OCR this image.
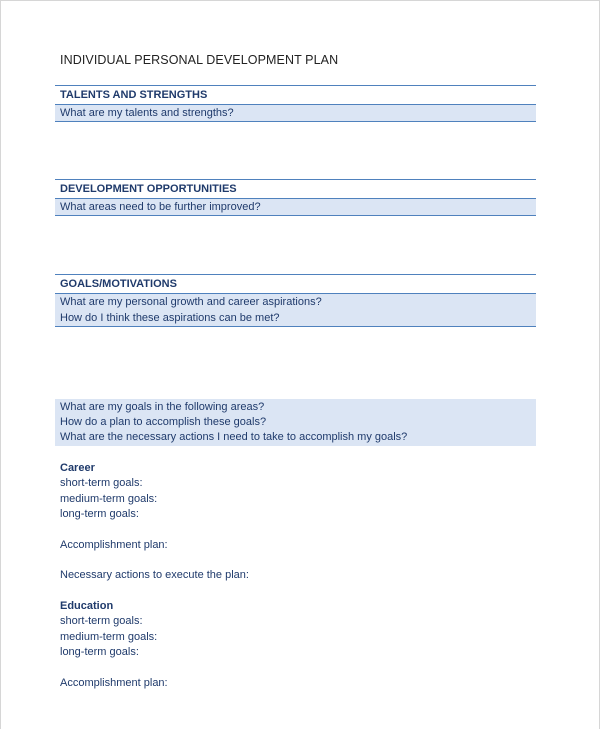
INDIVIDUAL PERSONAL DEVELOPMENT PLAN
TALENTS AND STRENGTHS
What are my talents and strengths?
DEVELOPMENT OPPORTUNITIES
What areas need to be further improved?
GOALS/MOTIVATIONS
What are my personal growth and career aspirations?
How do I think these aspirations can be met?
What are my goals in the following areas?
How do a plan to accomplish these goals?
What are the necessary actions I need to take to accomplish my goals?
Career
short-term goals:
medium-term goals:
long-term goals:
Accomplishment plan:
Necessary actions to execute the plan:
Education
short-term goals:
medium-term goals:
long-term goals:
Accomplishment plan:
